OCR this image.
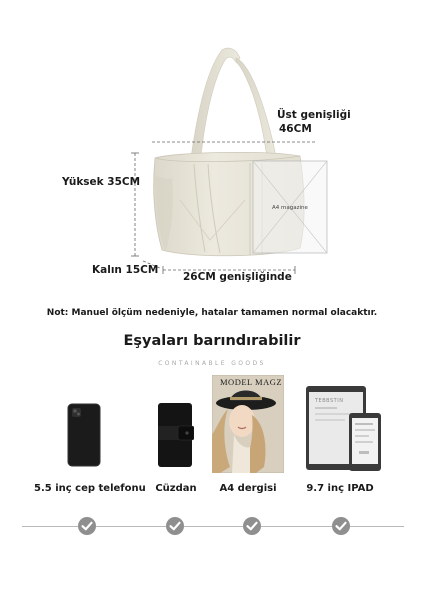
Üst genişliği
46CM
Yüksek 35CM
Kalın 15CM
26CM genişliğinde
A4 magazine
Not: Manuel ölçüm nedeniyle, hatalar tamamen normal olacaktır.
Eşyaları barındırabilir
CONTAINABLE GOODS
5.5 inç cep telefonu Cüzdan
MODEL MAGZ
A4 dergisi
TEBBSTIN
9.7 inç IPAD
